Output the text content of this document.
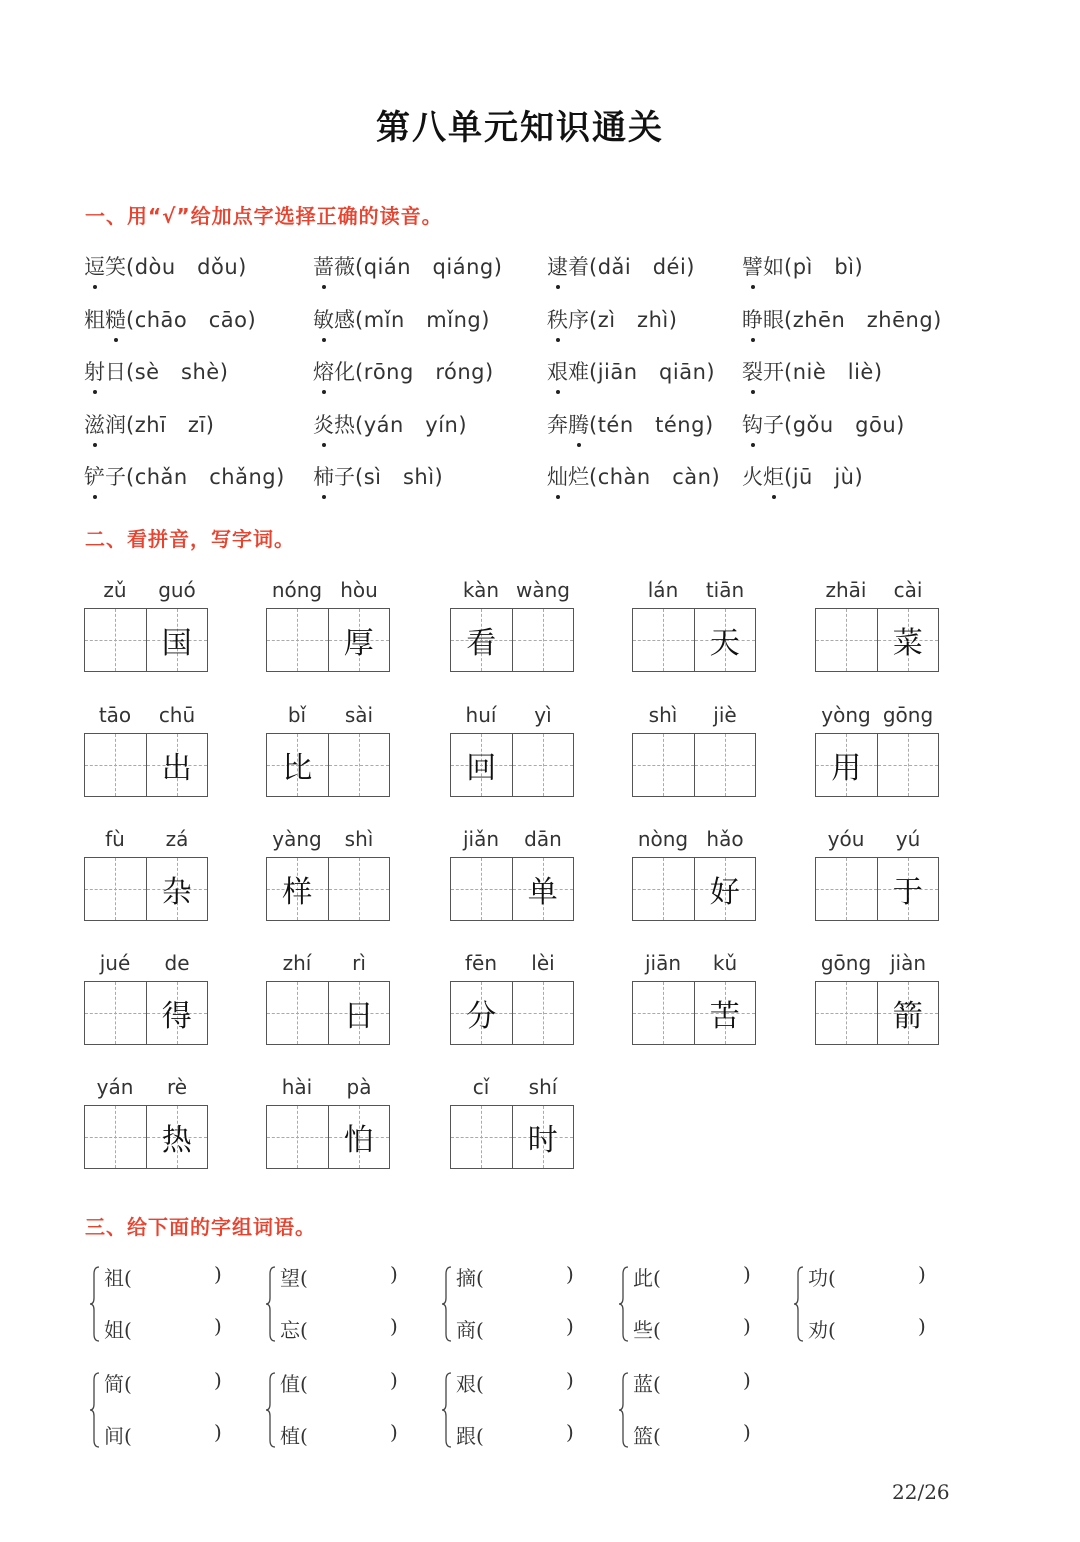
第八单元知识通关
一、用“√”给加点字选择正确的读音。
逗笑(dòu　dǒu)	蔷薇(qián　qiáng) 逮着(dǎi　déi) 譬如(pì　bì)
粗糙(chāo　cāo)	敏感(mǐn　mǐng)	秩序(zì　zhì)	睁眼(zhēn　zhēng)
射日(sè　shè)	熔化(rōng　róng)	艰难(jiān　qiān) 裂开(niè　liè)
滋润(zhī　zī)	炎热(yán　yín)	奔腾(tén　téng) 钩子(gǒu　gōu)
铲子(chǎn　chǎng) 柿子(sì　shì)	灿烂(chàn　càn) 火炬(jū　jù)
二、看拼音，写字词。
zǔ	guó
国
nóng hòu
厚
kàn wàng
看
lán	tiān
天
zhāi	cài
菜
tāo	chū
出
bǐ	sài
比
huí	yì
回
shì	jiè	yòng gōng
用
fù	zá
杂
yàng	shì
样
jiǎn	dān
单
nòng hǎo
好
yóu	yú
于
jué	de
得
zhí	rì
日
fēn	lèi
分
jiān	kǔ
苦
gōng jiàn
箭
yán	rè
热
hài	pà
怕
cǐ	shí
时
三、给下面的字组词语。
祖(	)
姐(	)
望(	)
忘(	)
摘(	)
商(	)
此(	)
些(	)
功(	)
劝(	)
简(	)
间(	)
值(	)
植(	)
艰(	)
跟(	)
蓝(	)
篮(	)
22/26
